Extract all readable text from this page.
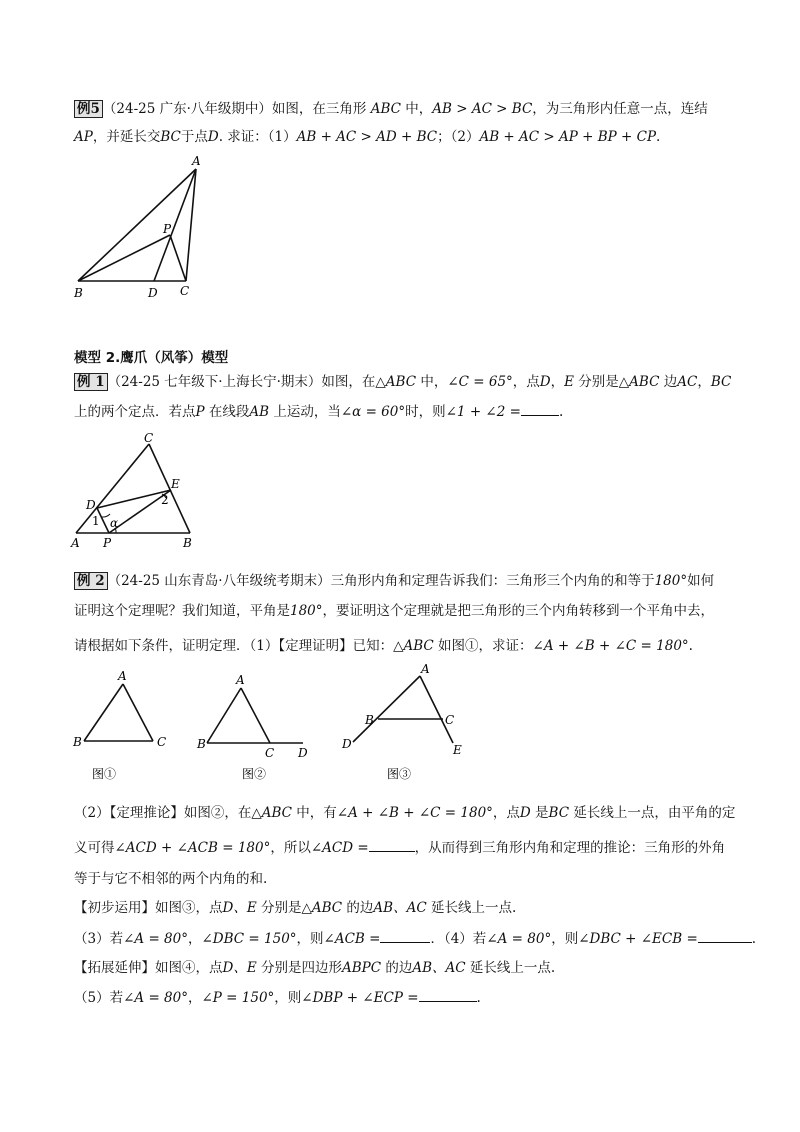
例5 （24-25 广东·八年级期中）如图，在三角形 ABC 中，AB > AC > BC，为三角形内任意一点，连结
AP，并延长交BC于点D. 求证：（1）AB + AC > AD + BC；（2）AB + AC > AP + BP + CP.
A
B	D C
P
模型 2.鹰爪（风筝）模型
例 1 （24-25 七年级下·上海长宁·期末）如图，在△ABC 中，∠C = 65°，点D，E 分别是△ABC 边AC，BC
上的两个定点．若点P 在线段AB 上运动，当∠α = 60°时，则∠1 + ∠2 =	.
C
D
E
A P	B
1 α
2
例 2 （24-25 山东青岛·八年级统考期末）三角形内角和定理告诉我们：三角形三个内角的和等于180°如何
证明这个定理呢？我们知道，平角是180°，要证明这个定理就是把三角形的三个内角转移到一个平角中去，
请根据如下条件，证明定理．（1）【定理证明】已知：△ABC 如图①，求证：∠A + ∠B + ∠C = 180°.
A
B	C
图①
A
B
C D
图②
A
B	C
D	E
图③
（2）【定理推论】如图②，在△ABC 中，有∠A + ∠B + ∠C = 180°，点D 是BC 延长线上一点，由平角的定
义可得∠ACD + ∠ACB = 180°，所以∠ACD =	，从而得到三角形内角和定理的推论：三角形的外角
等于与它不相邻的两个内角的和.
【初步运用】如图③，点D、E 分别是△ABC 的边AB、AC 延长线上一点.
（3）若∠A = 80°，∠DBC = 150°，则∠ACB =	．（4）若∠A = 80°，则∠DBC + ∠ECB =	.
【拓展延伸】如图④，点D、E 分别是四边形ABPC 的边AB、AC 延长线上一点.
（5）若∠A = 80°，∠P = 150°，则∠DBP + ∠ECP =	.
